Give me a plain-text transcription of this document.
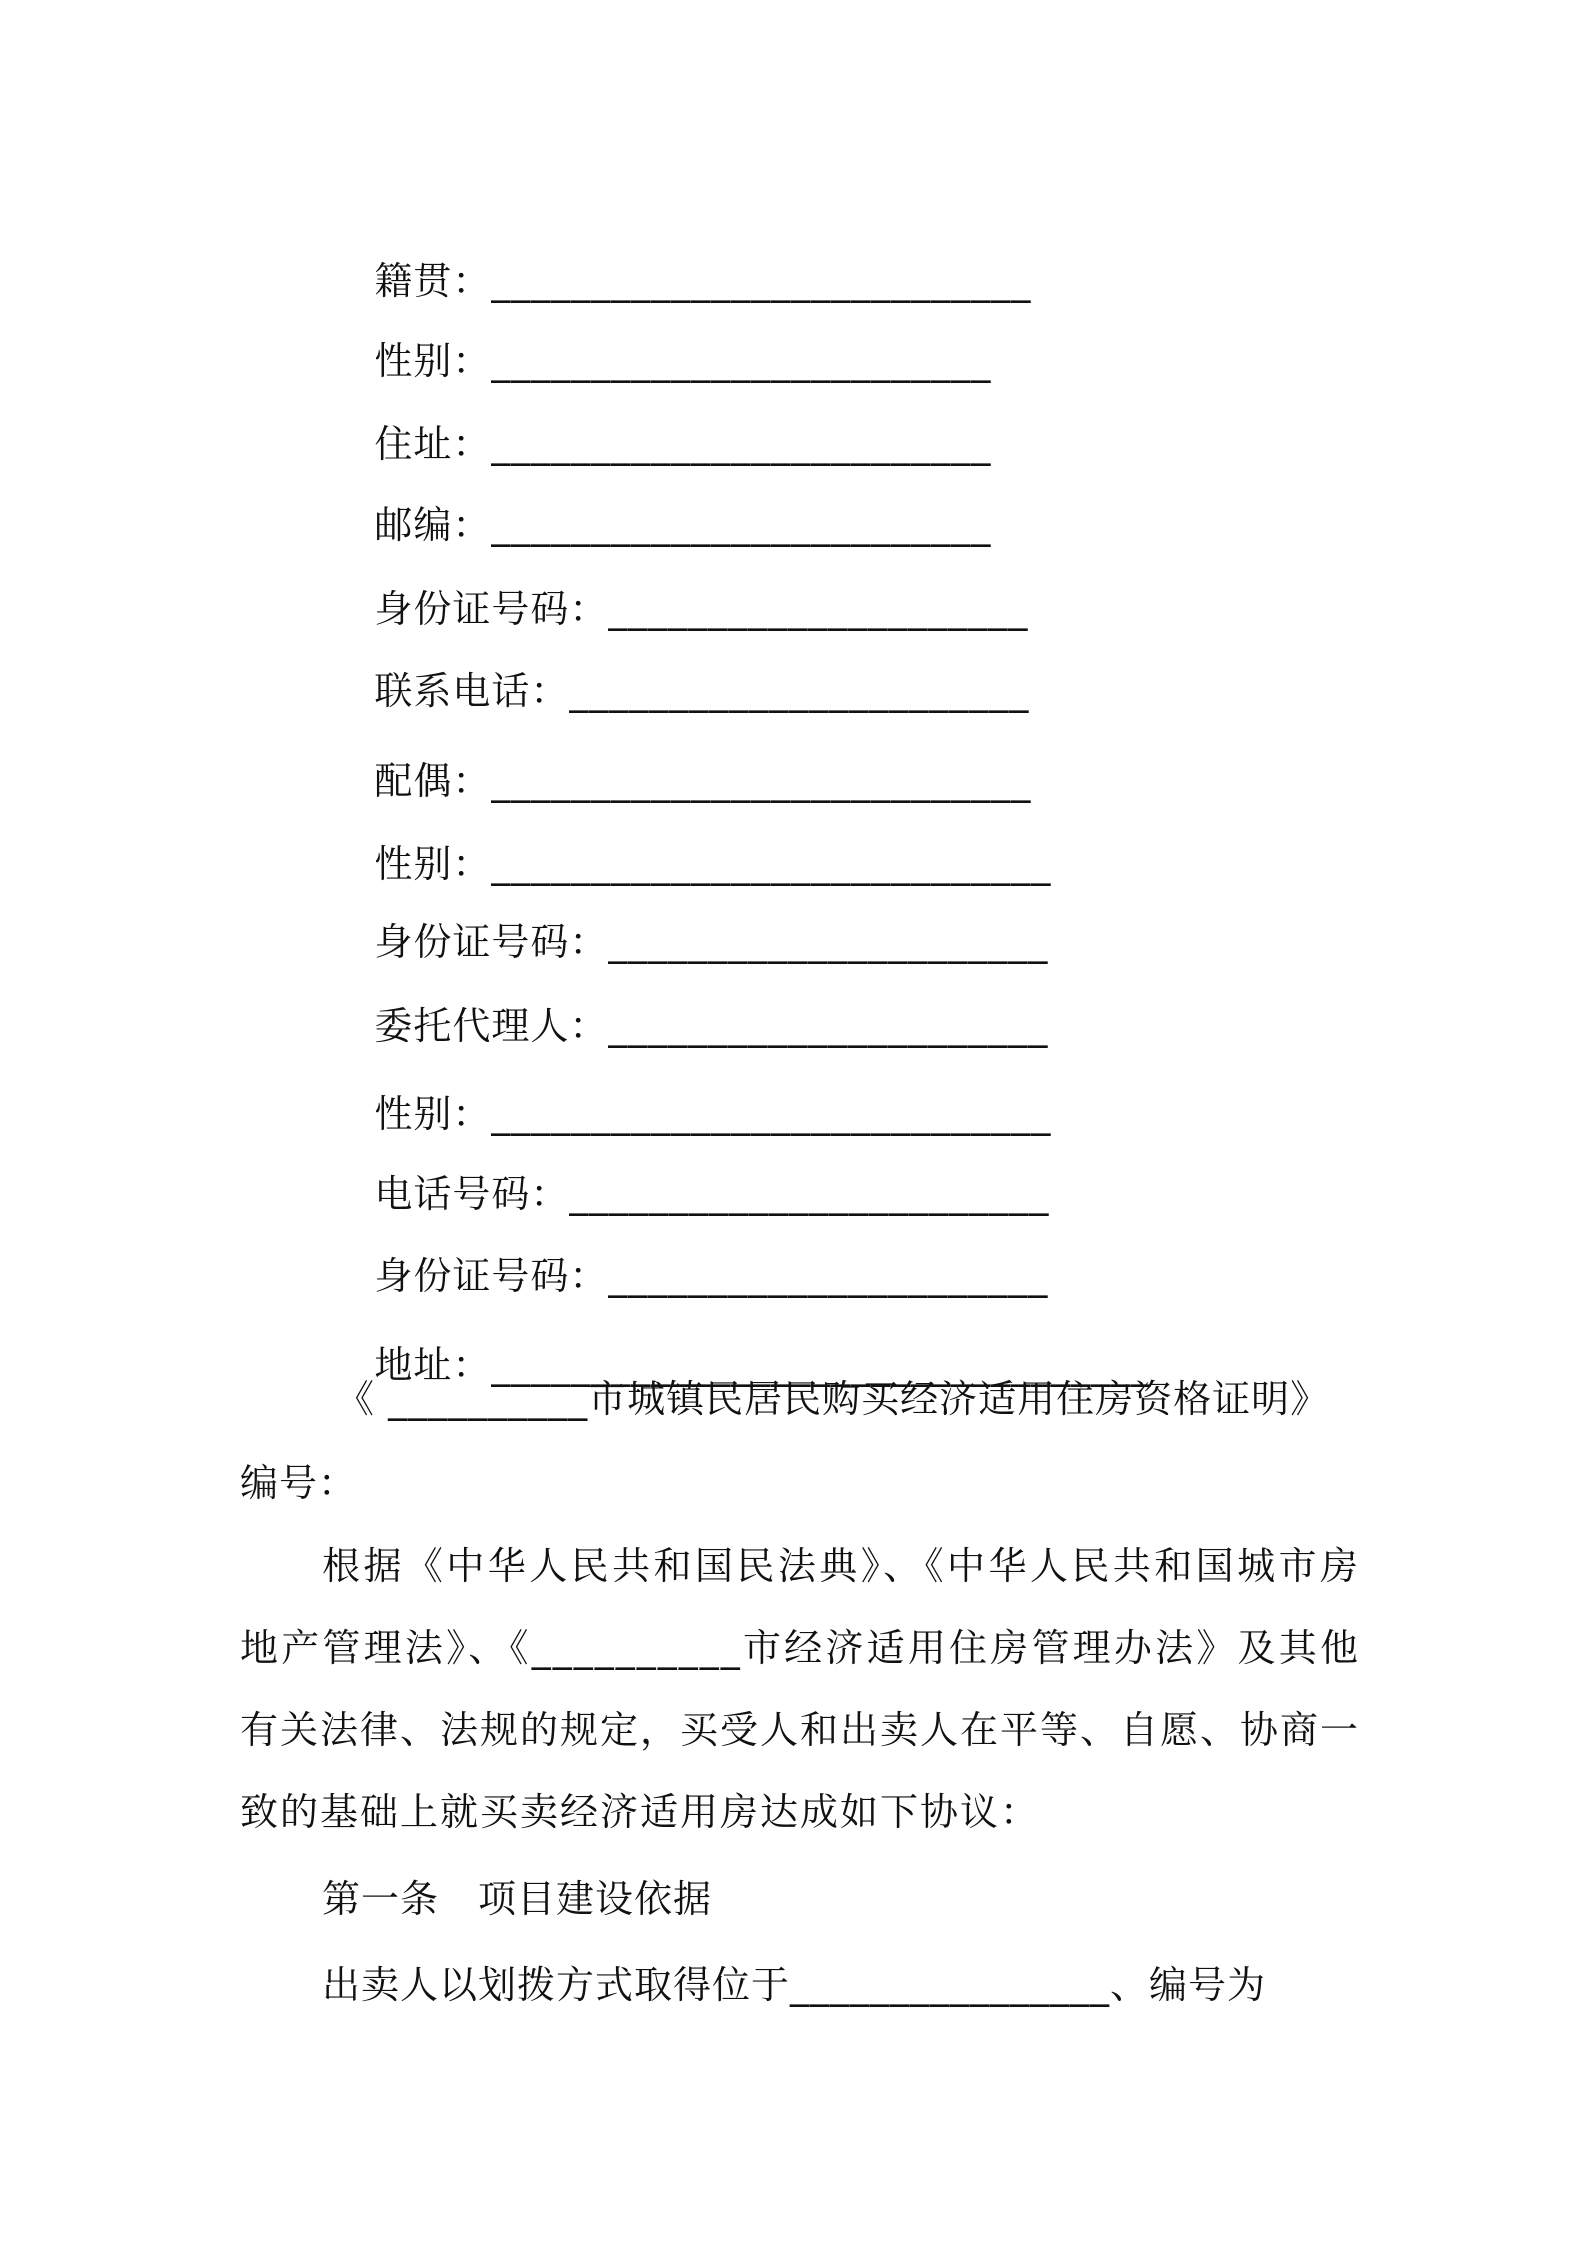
籍贯：___________________________

性别：_________________________

住址：_________________________

邮编：_________________________

身份证号码：_____________________

联系电话：_______________________

配偶：___________________________

性别：____________________________

身份证号码：______________________

委托代理人：______________________

性别：____________________________

电话号码：________________________

身份证号码：______________________

地址：_________________________________

《 __________市城镇民居民购买经济适用住房资格证明》
编号：
根据《中华人民共和国民法典》、《中华人民共和国城市房地产管理法》、《__________市经济适用住房管理办法》及其他有关法律、法规的规定，买受人和出卖人在平等、自愿、协商一致的基础上就买卖经济适用房达成如下协议：
第一条　项目建设依据
出卖人以划拨方式取得位于________________、编号为
